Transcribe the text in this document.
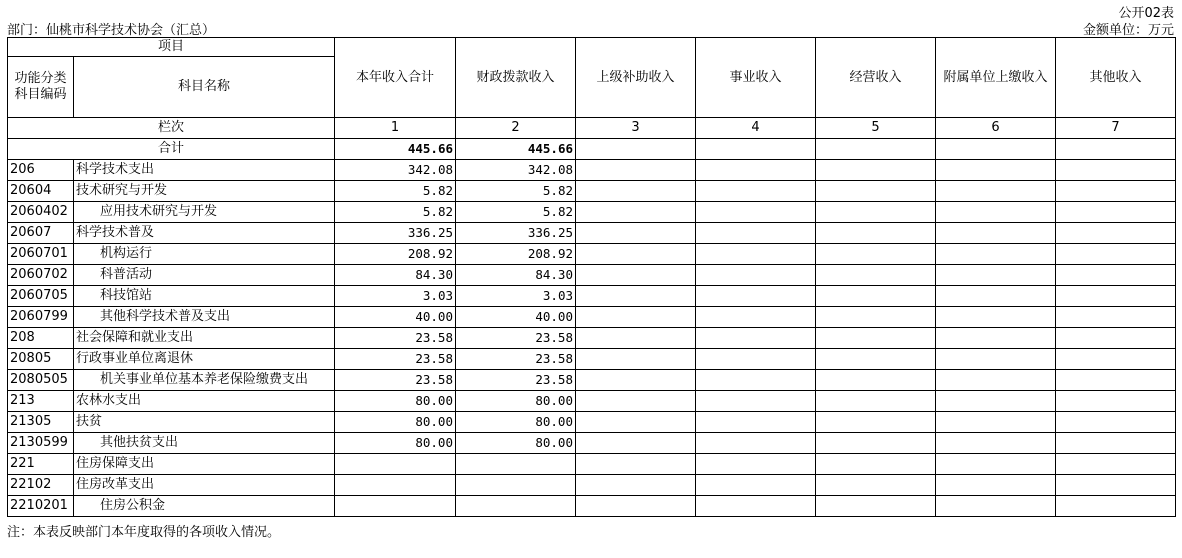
公开02表
部门：仙桃市科学技术协会（汇总）	金额单位：万元
项目		本年收入合计	财政拨款收入	上级补助收入	事业收入	经营收入	附属单位上缴收入	其他收入
功能分类科目编码	科目名称							
栏次		1	2	3	4	5	6	7
合计		445.66	445.66					
206	科学技术支出	342.08	342.08					
20604	技术研究与开发	5.82	5.82					
2060402	应用技术研究与开发	5.82	5.82					
20607	科学技术普及	336.25	336.25					
2060701	机构运行	208.92	208.92					
2060702	科普活动	84.30	84.30					
2060705	科技馆站	3.03	3.03					
2060799	其他科学技术普及支出	40.00	40.00					
208	社会保障和就业支出	23.58	23.58					
20805	行政事业单位离退休	23.58	23.58					
2080505	机关事业单位基本养老保险缴费支出	23.58	23.58					
213	农林水支出	80.00	80.00					
21305	扶贫	80.00	80.00					
2130599	其他扶贫支出	80.00	80.00					
221	住房保障支出							
22102	住房改革支出							
2210201	住房公积金							
注：本表反映部门本年度取得的各项收入情况。
